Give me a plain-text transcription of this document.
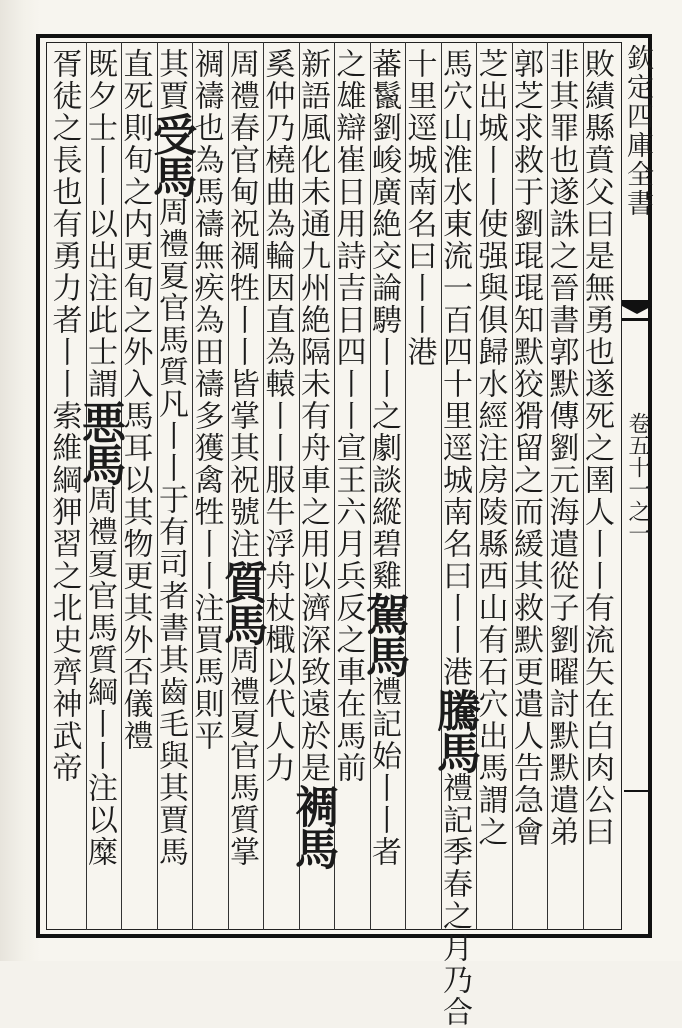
敗績縣賁父曰是無勇也遂死之圉人丨丨有流矢在白肉公曰
非其罪也遂誅之晉書郭默傳劉元海遣從子劉曜討默默遣弟
郭芝求救于劉琨琨知默狡猾留之而緩其救默更遣人告急會
芝出城丨丨使强與俱歸水經注房陵縣西山有石穴出馬謂之
馬穴山淮水東流一百四十里逕城南名曰丨丨港騰馬禮記季春之月乃合
十里逕城南名曰丨丨港
蕃鬣劉峻廣絶交論騁丨丨之劇談縱碧雞駕馬禮記始丨丨者
之雄辯崔日用詩吉日四丨丨宣王六月兵反之車在馬前
新語風化未通九州絶隔未有舟車之用以濟深致遠於是裯馬
奚仲乃橈曲為輪因直為轅丨丨服牛浮舟杖檝以代人力
周禮春官甸祝禂牲丨丨皆掌其祝號注質馬周禮夏官馬質掌
禂禱也為馬禱無疾為田禱多獲禽牲丨丨注買馬則平
其賈受馬周禮夏官馬質凡丨丨于有司者書其齒毛與其賈馬
直死則旬之内更旬之外入馬耳以其物更其外否儀禮
既夕士丨丨以出注此士謂悪馬周禮夏官馬質綱丨丨注以糜
胥徒之長也有勇力者丨丨索維綱狎習之北史齊神武帝	欽定四庫全書
卷五十一之一
